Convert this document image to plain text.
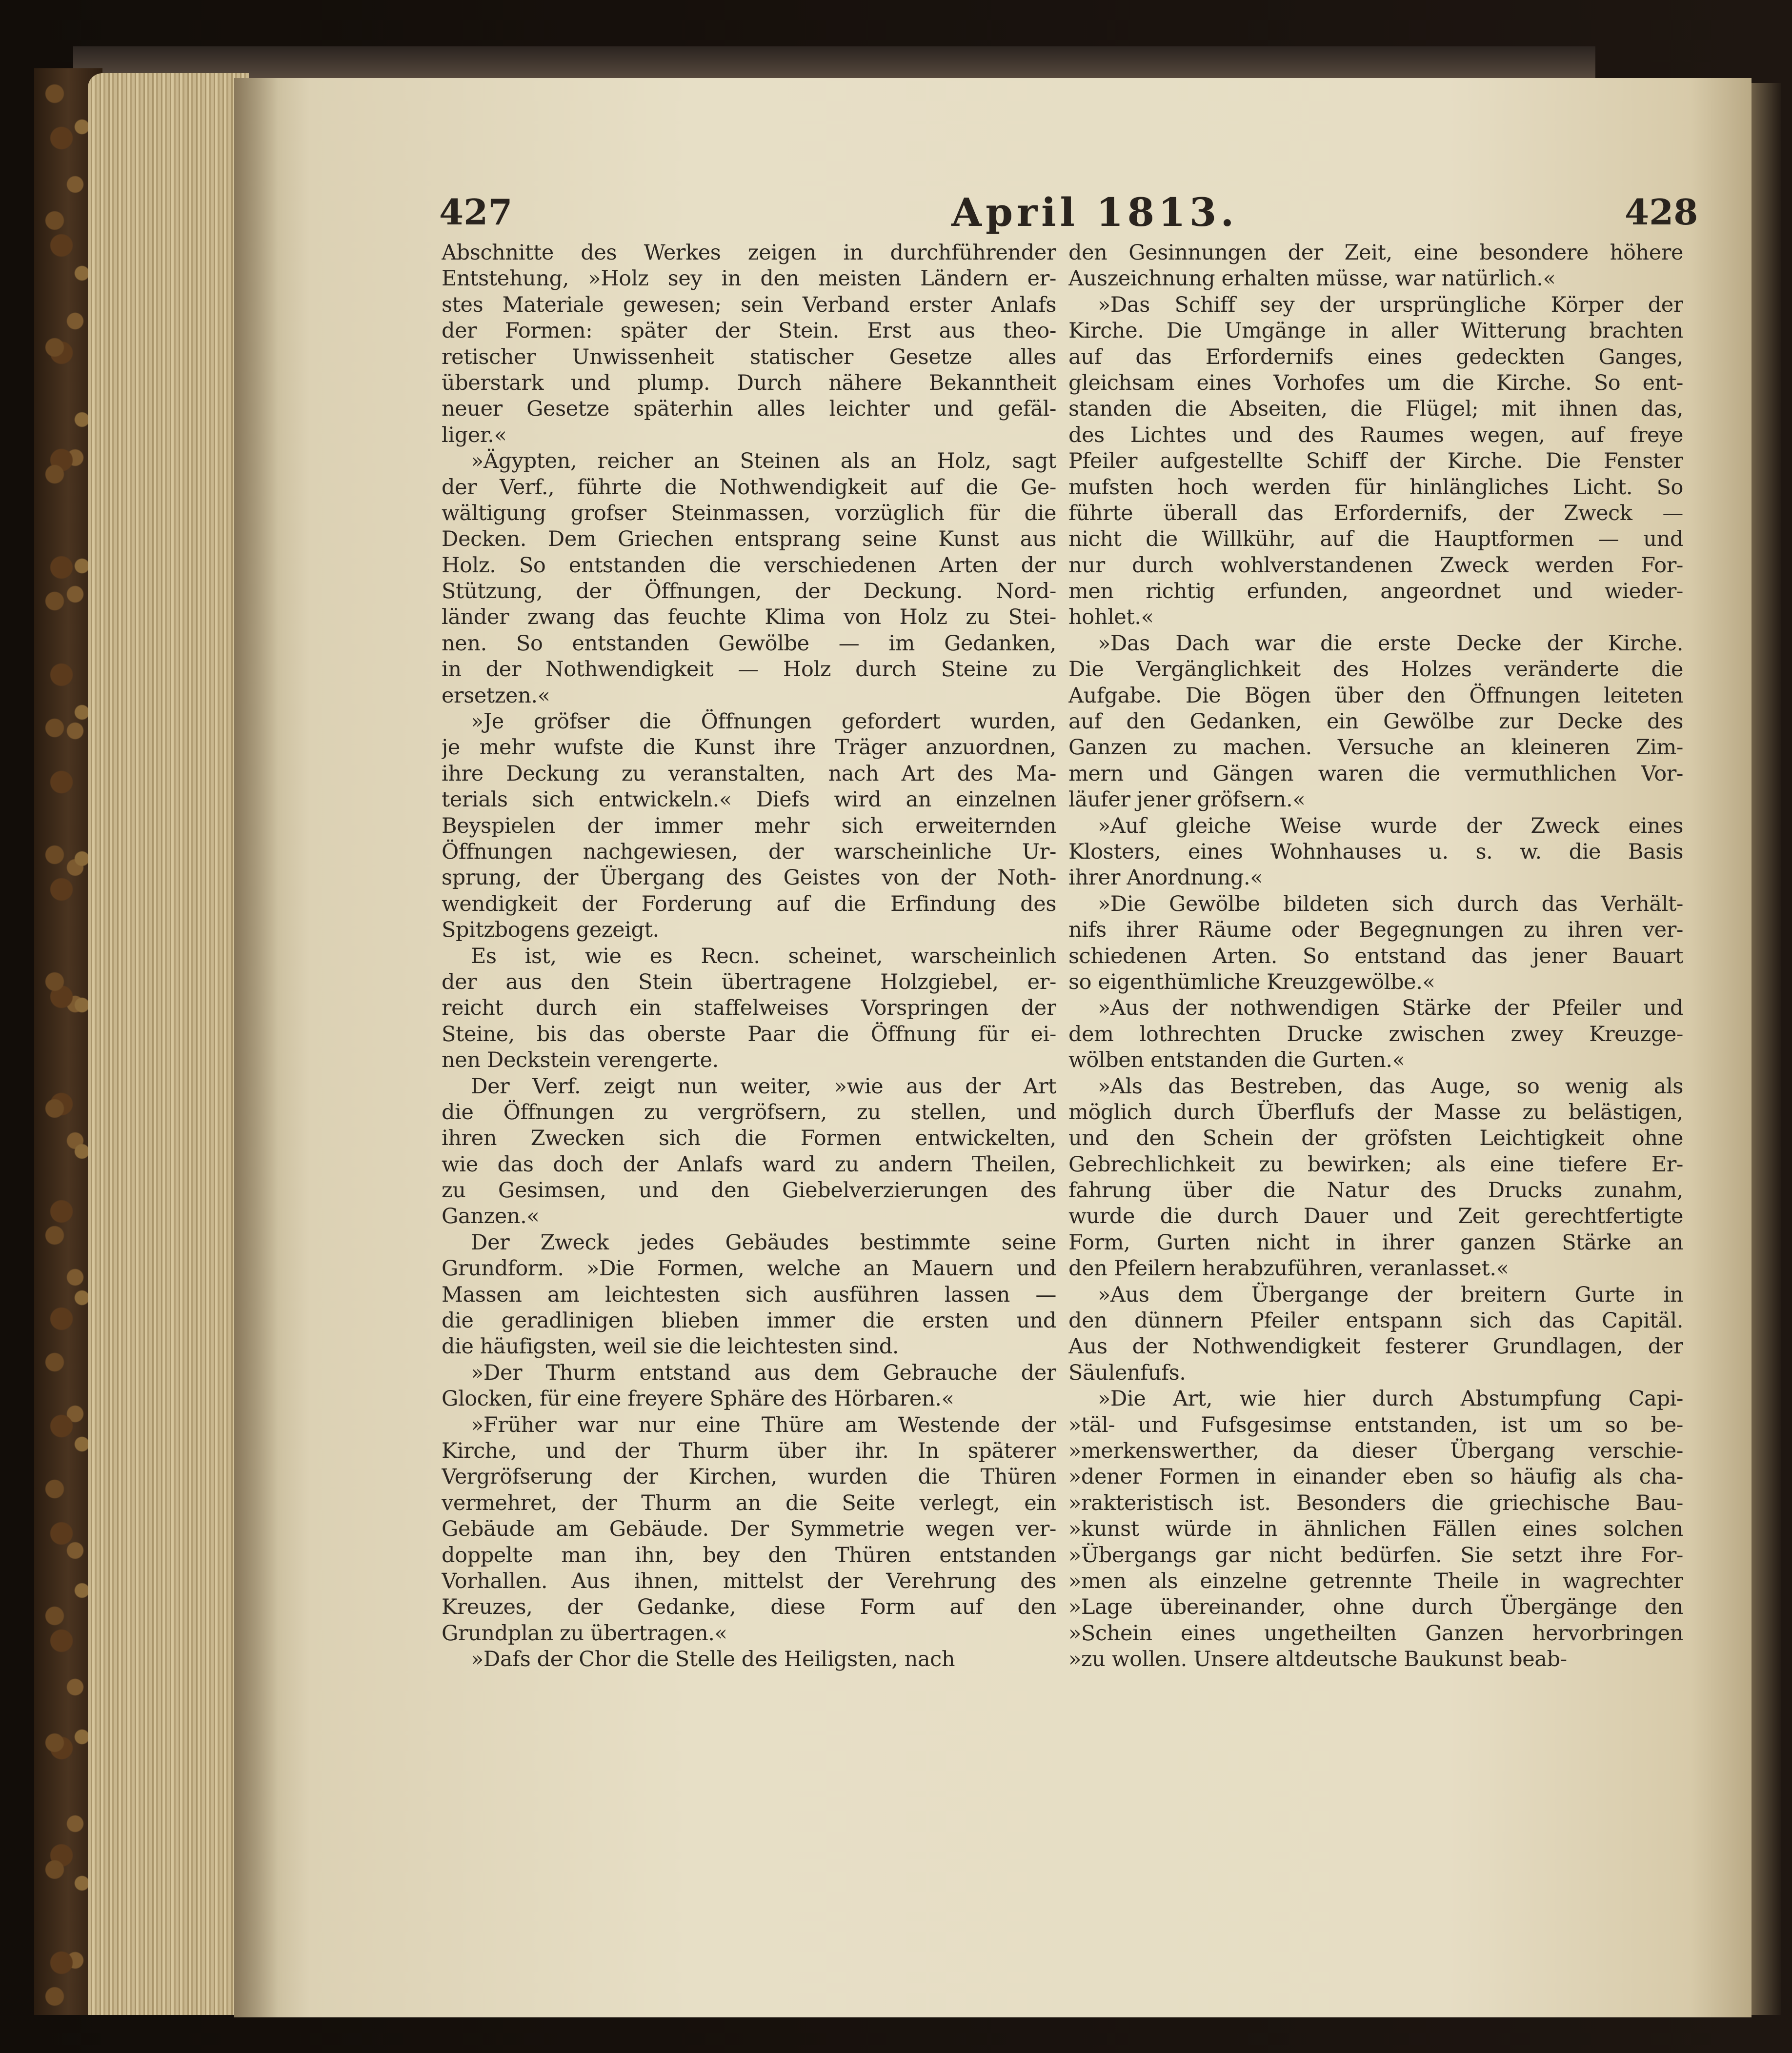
427	April 1813.	428
Abschnitte des Werkes zeigen in durchführender
Entstehung, »Holz sey in den meisten Ländern er-
stes Materiale gewesen; sein Verband erster Anlafs
der Formen: später der Stein. Erst aus theo-
retischer Unwissenheit statischer Gesetze alles
überstark und plump. Durch nähere Bekanntheit
neuer Gesetze späterhin alles leichter und gefäl-
liger.«
»Ägypten, reicher an Steinen als an Holz, sagt
der Verf., führte die Nothwendigkeit auf die Ge-
wältigung grofser Steinmassen, vorzüglich für die
Decken. Dem Griechen entsprang seine Kunst aus
Holz. So entstanden die verschiedenen Arten der
Stützung, der Öffnungen, der Deckung. Nord-
länder zwang das feuchte Klima von Holz zu Stei-
nen. So entstanden Gewölbe — im Gedanken,
in der Nothwendigkeit — Holz durch Steine zu
ersetzen.«
»Je gröfser die Öffnungen gefordert wurden,
je mehr wufste die Kunst ihre Träger anzuordnen,
ihre Deckung zu veranstalten, nach Art des Ma-
terials sich entwickeln.« Diefs wird an einzelnen
Beyspielen der immer mehr sich erweiternden
Öffnungen nachgewiesen, der warscheinliche Ur-
sprung, der Übergang des Geistes von der Noth-
wendigkeit der Forderung auf die Erfindung des
Spitzbogens gezeigt.
Es ist, wie es Recn. scheinet, warscheinlich
der aus den Stein übertragene Holzgiebel, er-
reicht durch ein staffelweises Vorspringen der
Steine, bis das oberste Paar die Öffnung für ei-
nen Deckstein verengerte.
Der Verf. zeigt nun weiter, »wie aus der Art
die Öffnungen zu vergröfsern, zu stellen, und
ihren Zwecken sich die Formen entwickelten,
wie das doch der Anlafs ward zu andern Theilen,
zu Gesimsen, und den Giebelverzierungen des
Ganzen.«
Der Zweck jedes Gebäudes bestimmte seine
Grundform. »Die Formen, welche an Mauern und
Massen am leichtesten sich ausführen lassen —
die geradlinigen blieben immer die ersten und
die häufigsten, weil sie die leichtesten sind.
»Der Thurm entstand aus dem Gebrauche der
Glocken, für eine freyere Sphäre des Hörbaren.«
»Früher war nur eine Thüre am Westende der
Kirche, und der Thurm über ihr. In späterer
Vergröfserung der Kirchen, wurden die Thüren
vermehret, der Thurm an die Seite verlegt, ein
Gebäude am Gebäude. Der Symmetrie wegen ver-
doppelte man ihn, bey den Thüren entstanden
Vorhallen. Aus ihnen, mittelst der Verehrung des
Kreuzes, der Gedanke, diese Form auf den
Grundplan zu übertragen.«
»Dafs der Chor die Stelle des Heiligsten, nach
den Gesinnungen der Zeit, eine besondere höhere
Auszeichnung erhalten müsse, war natürlich.«
»Das Schiff sey der ursprüngliche Körper der
Kirche. Die Umgänge in aller Witterung brachten
auf das Erfordernifs eines gedeckten Ganges,
gleichsam eines Vorhofes um die Kirche. So ent-
standen die Abseiten, die Flügel; mit ihnen das,
des Lichtes und des Raumes wegen, auf freye
Pfeiler aufgestellte Schiff der Kirche. Die Fenster
mufsten hoch werden für hinlängliches Licht. So
führte überall das Erfordernifs, der Zweck —
nicht die Willkühr, auf die Hauptformen — und
nur durch wohlverstandenen Zweck werden For-
men richtig erfunden, angeordnet und wieder-
hohlet.«
»Das Dach war die erste Decke der Kirche.
Die Vergänglichkeit des Holzes veränderte die
Aufgabe. Die Bögen über den Öffnungen leiteten
auf den Gedanken, ein Gewölbe zur Decke des
Ganzen zu machen. Versuche an kleineren Zim-
mern und Gängen waren die vermuthlichen Vor-
läufer jener gröfsern.«
»Auf gleiche Weise wurde der Zweck eines
Klosters, eines Wohnhauses u. s. w. die Basis
ihrer Anordnung.«
»Die Gewölbe bildeten sich durch das Verhält-
nifs ihrer Räume oder Begegnungen zu ihren ver-
schiedenen Arten. So entstand das jener Bauart
so eigenthümliche Kreuzgewölbe.«
»Aus der nothwendigen Stärke der Pfeiler und
dem lothrechten Drucke zwischen zwey Kreuzge-
wölben entstanden die Gurten.«
»Als das Bestreben, das Auge, so wenig als
möglich durch Überflufs der Masse zu belästigen,
und den Schein der gröfsten Leichtigkeit ohne
Gebrechlichkeit zu bewirken; als eine tiefere Er-
fahrung über die Natur des Drucks zunahm,
wurde die durch Dauer und Zeit gerechtfertigte
Form, Gurten nicht in ihrer ganzen Stärke an
den Pfeilern herabzuführen, veranlasset.«
»Aus dem Übergange der breitern Gurte in
den dünnern Pfeiler entspann sich das Capitäl.
Aus der Nothwendigkeit festerer Grundlagen, der
Säulenfufs.
»Die Art, wie hier durch Abstumpfung Capi-
»täl- und Fufsgesimse entstanden, ist um so be-
»merkenswerther, da dieser Übergang verschie-
»dener Formen in einander eben so häufig als cha-
»rakteristisch ist. Besonders die griechische Bau-
»kunst würde in ähnlichen Fällen eines solchen
»Übergangs gar nicht bedürfen. Sie setzt ihre For-
»men als einzelne getrennte Theile in wagrechter
»Lage übereinander, ohne durch Übergänge den
»Schein eines ungetheilten Ganzen hervorbringen
»zu wollen. Unsere altdeutsche Baukunst beab-
